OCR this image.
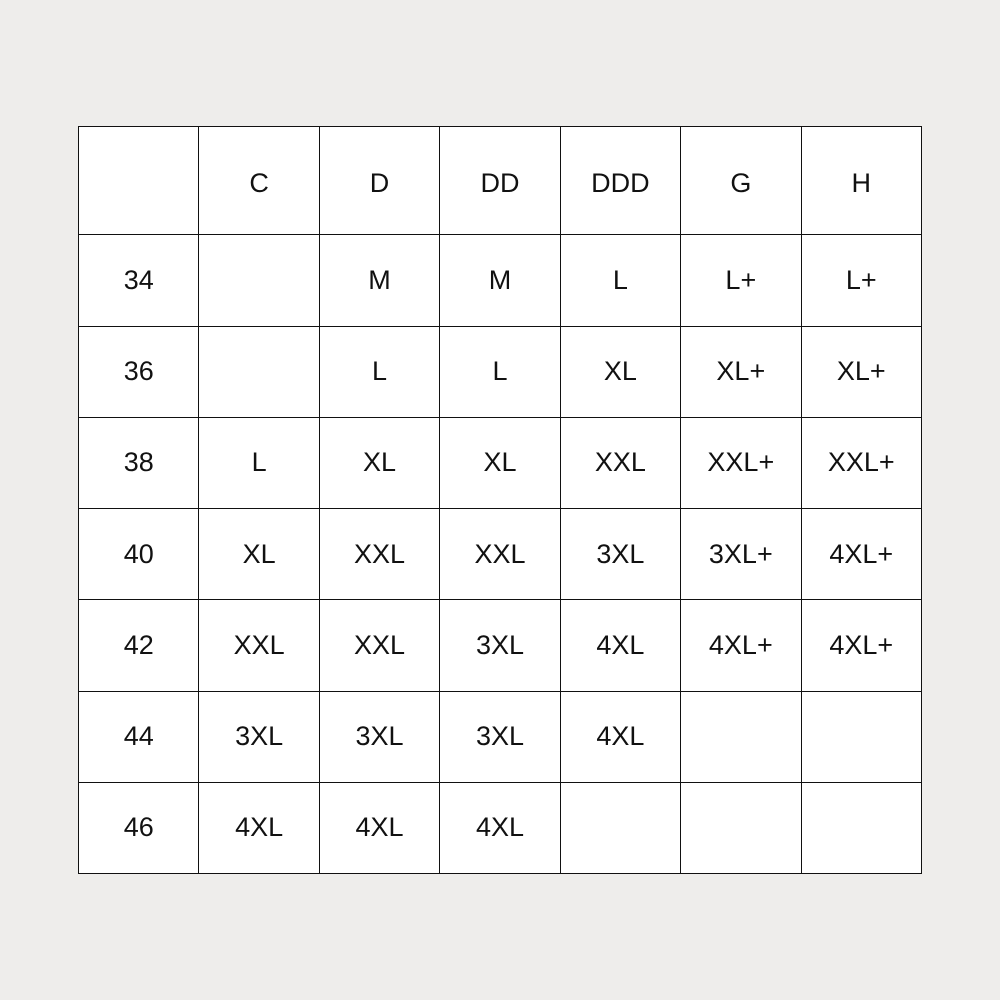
	C	D	DD	DDD	G	H
34		M	M	L	L+	L+
36		L	L	XL	XL+	XL+
38	L	XL	XL	XXL	XXL+	XXL+
40	XL	XXL	XXL	3XL	3XL+	4XL+
42	XXL	XXL	3XL	4XL	4XL+	4XL+
44	3XL	3XL	3XL	4XL		
46	4XL	4XL	4XL			
